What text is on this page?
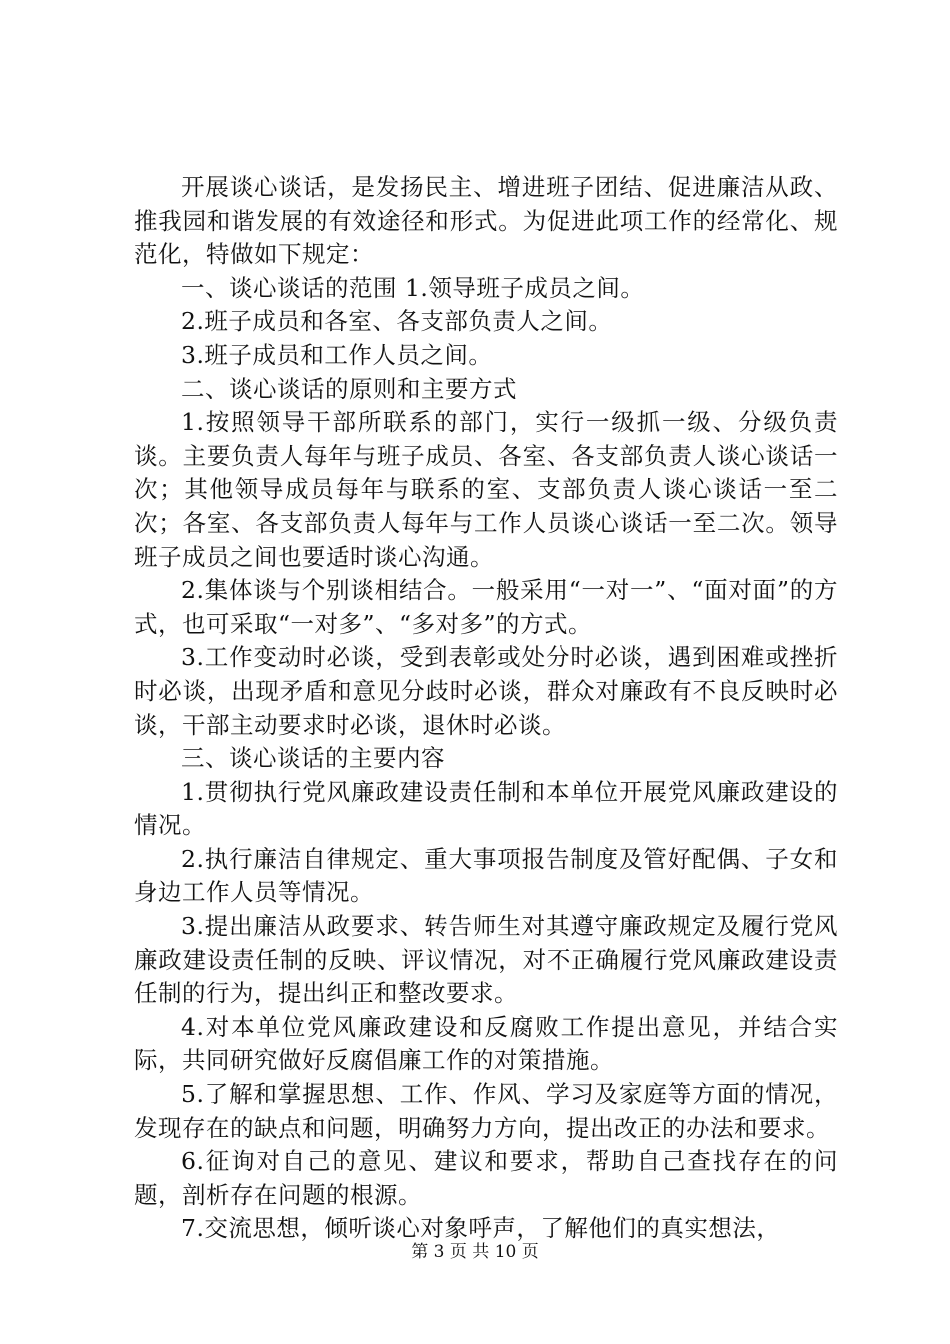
开展谈心谈话，是发扬民主、增进班子团结、促进廉洁从政、推我园和谐发展的有效途径和形式。为促进此项工作的经常化、规范化，特做如下规定：

一、谈心谈话的范围 1.领导班子成员之间。

2.班子成员和各室、各支部负责人之间。

3.班子成员和工作人员之间。

二、谈心谈话的原则和主要方式

1.按照领导干部所联系的部门，实行一级抓一级、分级负责谈。主要负责人每年与班子成员、各室、各支部负责人谈心谈话一次；其他领导成员每年与联系的室、支部负责人谈心谈话一至二次；各室、各支部负责人每年与工作人员谈心谈话一至二次。领导班子成员之间也要适时谈心沟通。

2.集体谈与个别谈相结合。一般采用“一对一”、“面对面”的方式，也可采取“一对多”、“多对多”的方式。

3.工作变动时必谈，受到表彰或处分时必谈，遇到困难或挫折时必谈，出现矛盾和意见分歧时必谈，群众对廉政有不良反映时必谈，干部主动要求时必谈，退休时必谈。

三、谈心谈话的主要内容

1.贯彻执行党风廉政建设责任制和本单位开展党风廉政建设的情况。

2.执行廉洁自律规定、重大事项报告制度及管好配偶、子女和身边工作人员等情况。

3.提出廉洁从政要求、转告师生对其遵守廉政规定及履行党风廉政建设责任制的反映、评议情况，对不正确履行党风廉政建设责任制的行为，提出纠正和整改要求。

4.对本单位党风廉政建设和反腐败工作提出意见，并结合实际，共同研究做好反腐倡廉工作的对策措施。

5.了解和掌握思想、工作、作风、学习及家庭等方面的情况，发现存在的缺点和问题，明确努力方向，提出改正的办法和要求。

6.征询对自己的意见、建议和要求，帮助自己查找存在的问题，剖析存在问题的根源。

7.交流思想，倾听谈心对象呼声，了解他们的真实想法，

第 3 页 共 10 页
